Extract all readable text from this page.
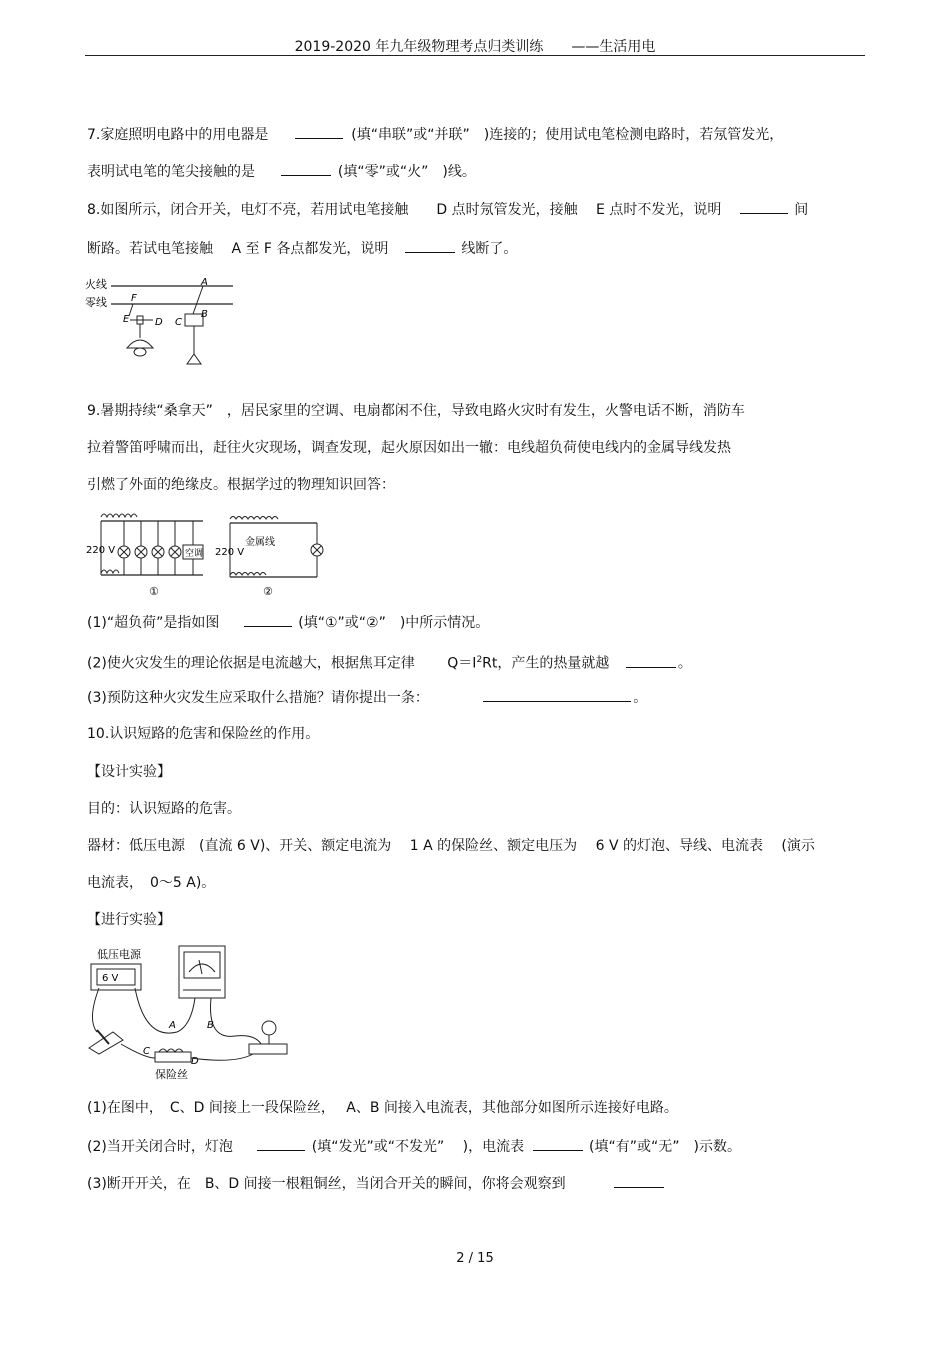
2019-2020 年九年级物理考点归类训练　　——生活用电
7.家庭照明电路中的用电器是	(填“串联”或“并联”　)连接的；使用试电笔检测电路时，若氖管发光，
表明试电笔的笔尖接触的是	(填“零”或“火”　)线。
8.如图所示，闭合开关，电灯不亮，若用试电笔接触　　D 点时氖管发光，接触　 E 点时不发光，说明	间
断路。若试电笔接触　 A 至 F 各点都发光，说明	线断了。
火线
零线
A
F
E	D C
B
9.暑期持续“桑拿天”　，居民家里的空调、电扇都闲不住，导致电路火灾时有发生，火警电话不断，消防车
拉着警笛呼啸而出，赶往火灾现场，调查发现，起火原因如出一辙：电线超负荷使电线内的金属导线发热
引燃了外面的绝缘皮。根据学过的物理知识回答：
220 V	空调
①
220 V
金属线
②
(1)“超负荷”是指如图	(填“①”或“②”　)中所示情况。
(2)使火灾发生的理论依据是电流越大，根据焦耳定律　　 $Q=I^2Rt$，产生的热量就越	。
(3)预防这种火灾发生应采取什么措施？请你提出一条：	。
10.认识短路的危害和保险丝的作用。
【设计实验】
目的：认识短路的危害。
器材：低压电源　(直流 6 V)、开关、额定电流为　 1 A 的保险丝、额定电压为　 6 V 的灯泡、导线、电流表　 (演示
电流表，　0～5 A)。
【进行实验】
低压电源
6 V
A	B
C
D
保险丝
(1)在图中，　C、D 间接上一段保险丝，　 A、B 间接入电流表，其他部分如图所示连接好电路。
(2)当开关闭合时，灯泡	(填“发光”或“不发光”　 )，电流表	(填“有”或“无”　)示数。
(3)断开开关，在　B、D 间接一根粗铜丝，当闭合开关的瞬间，你将会观察到
2 / 15
